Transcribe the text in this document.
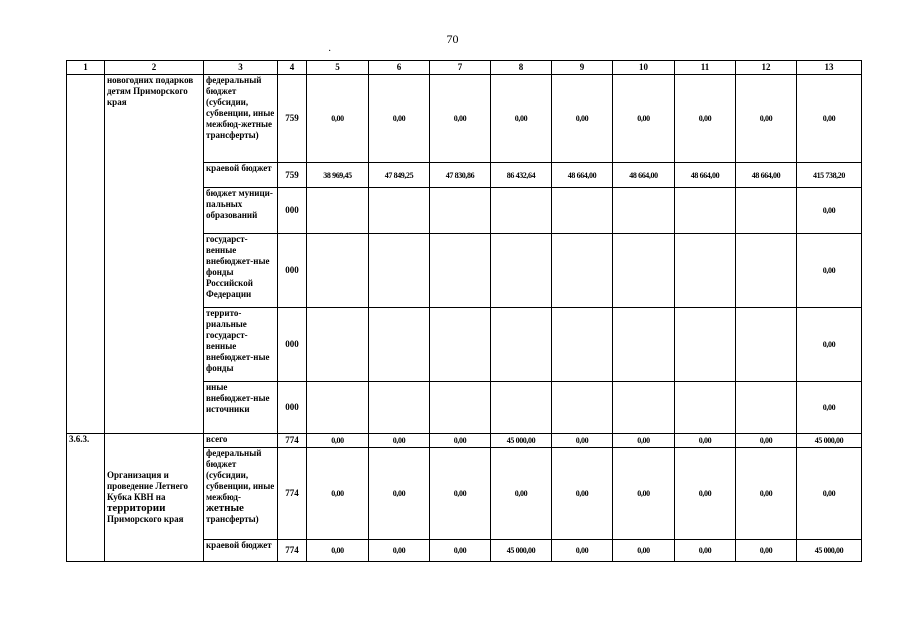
70
·
1	2	3	4	5	6	7	8	9	10	11	12	13
	новогодних подарков детям Приморского края	федеральный бюджет (субсидии, субвенции, иные межбюд-жетные трансферты)	759	0,00	0,00	0,00	0,00	0,00	0,00	0,00	0,00	0,00
		краевой бюджет	759	38 969,45	47 849,25	47 830,86	86 432,64	48 664,00	48 664,00	48 664,00	48 664,00	415 738,20
		бюджет муници-пальных образований	000									0,00
		государст-венные внебюджет-ные фонды Российской Федерации	000									0,00
		террито-риальные государст-венные внебюджет-ные фонды	000									0,00
		иные внебюджет-ные источники	000									0,00
3.6.3.	Организация и проведение Летнего Кубка КВН на территории Приморского края	всего	774	0,00	0,00	0,00	45 000,00	0,00	0,00	0,00	0,00	45 000,00
		федеральный бюджет (субсидии, субвенции, иные межбюд- жетные трансферты)	774	0,00	0,00	0,00	0,00	0,00	0,00	0,00	0,00	0,00
		краевой бюджет	774	0,00	0,00	0,00	45 000,00	0,00	0,00	0,00	0,00	45 000,00
